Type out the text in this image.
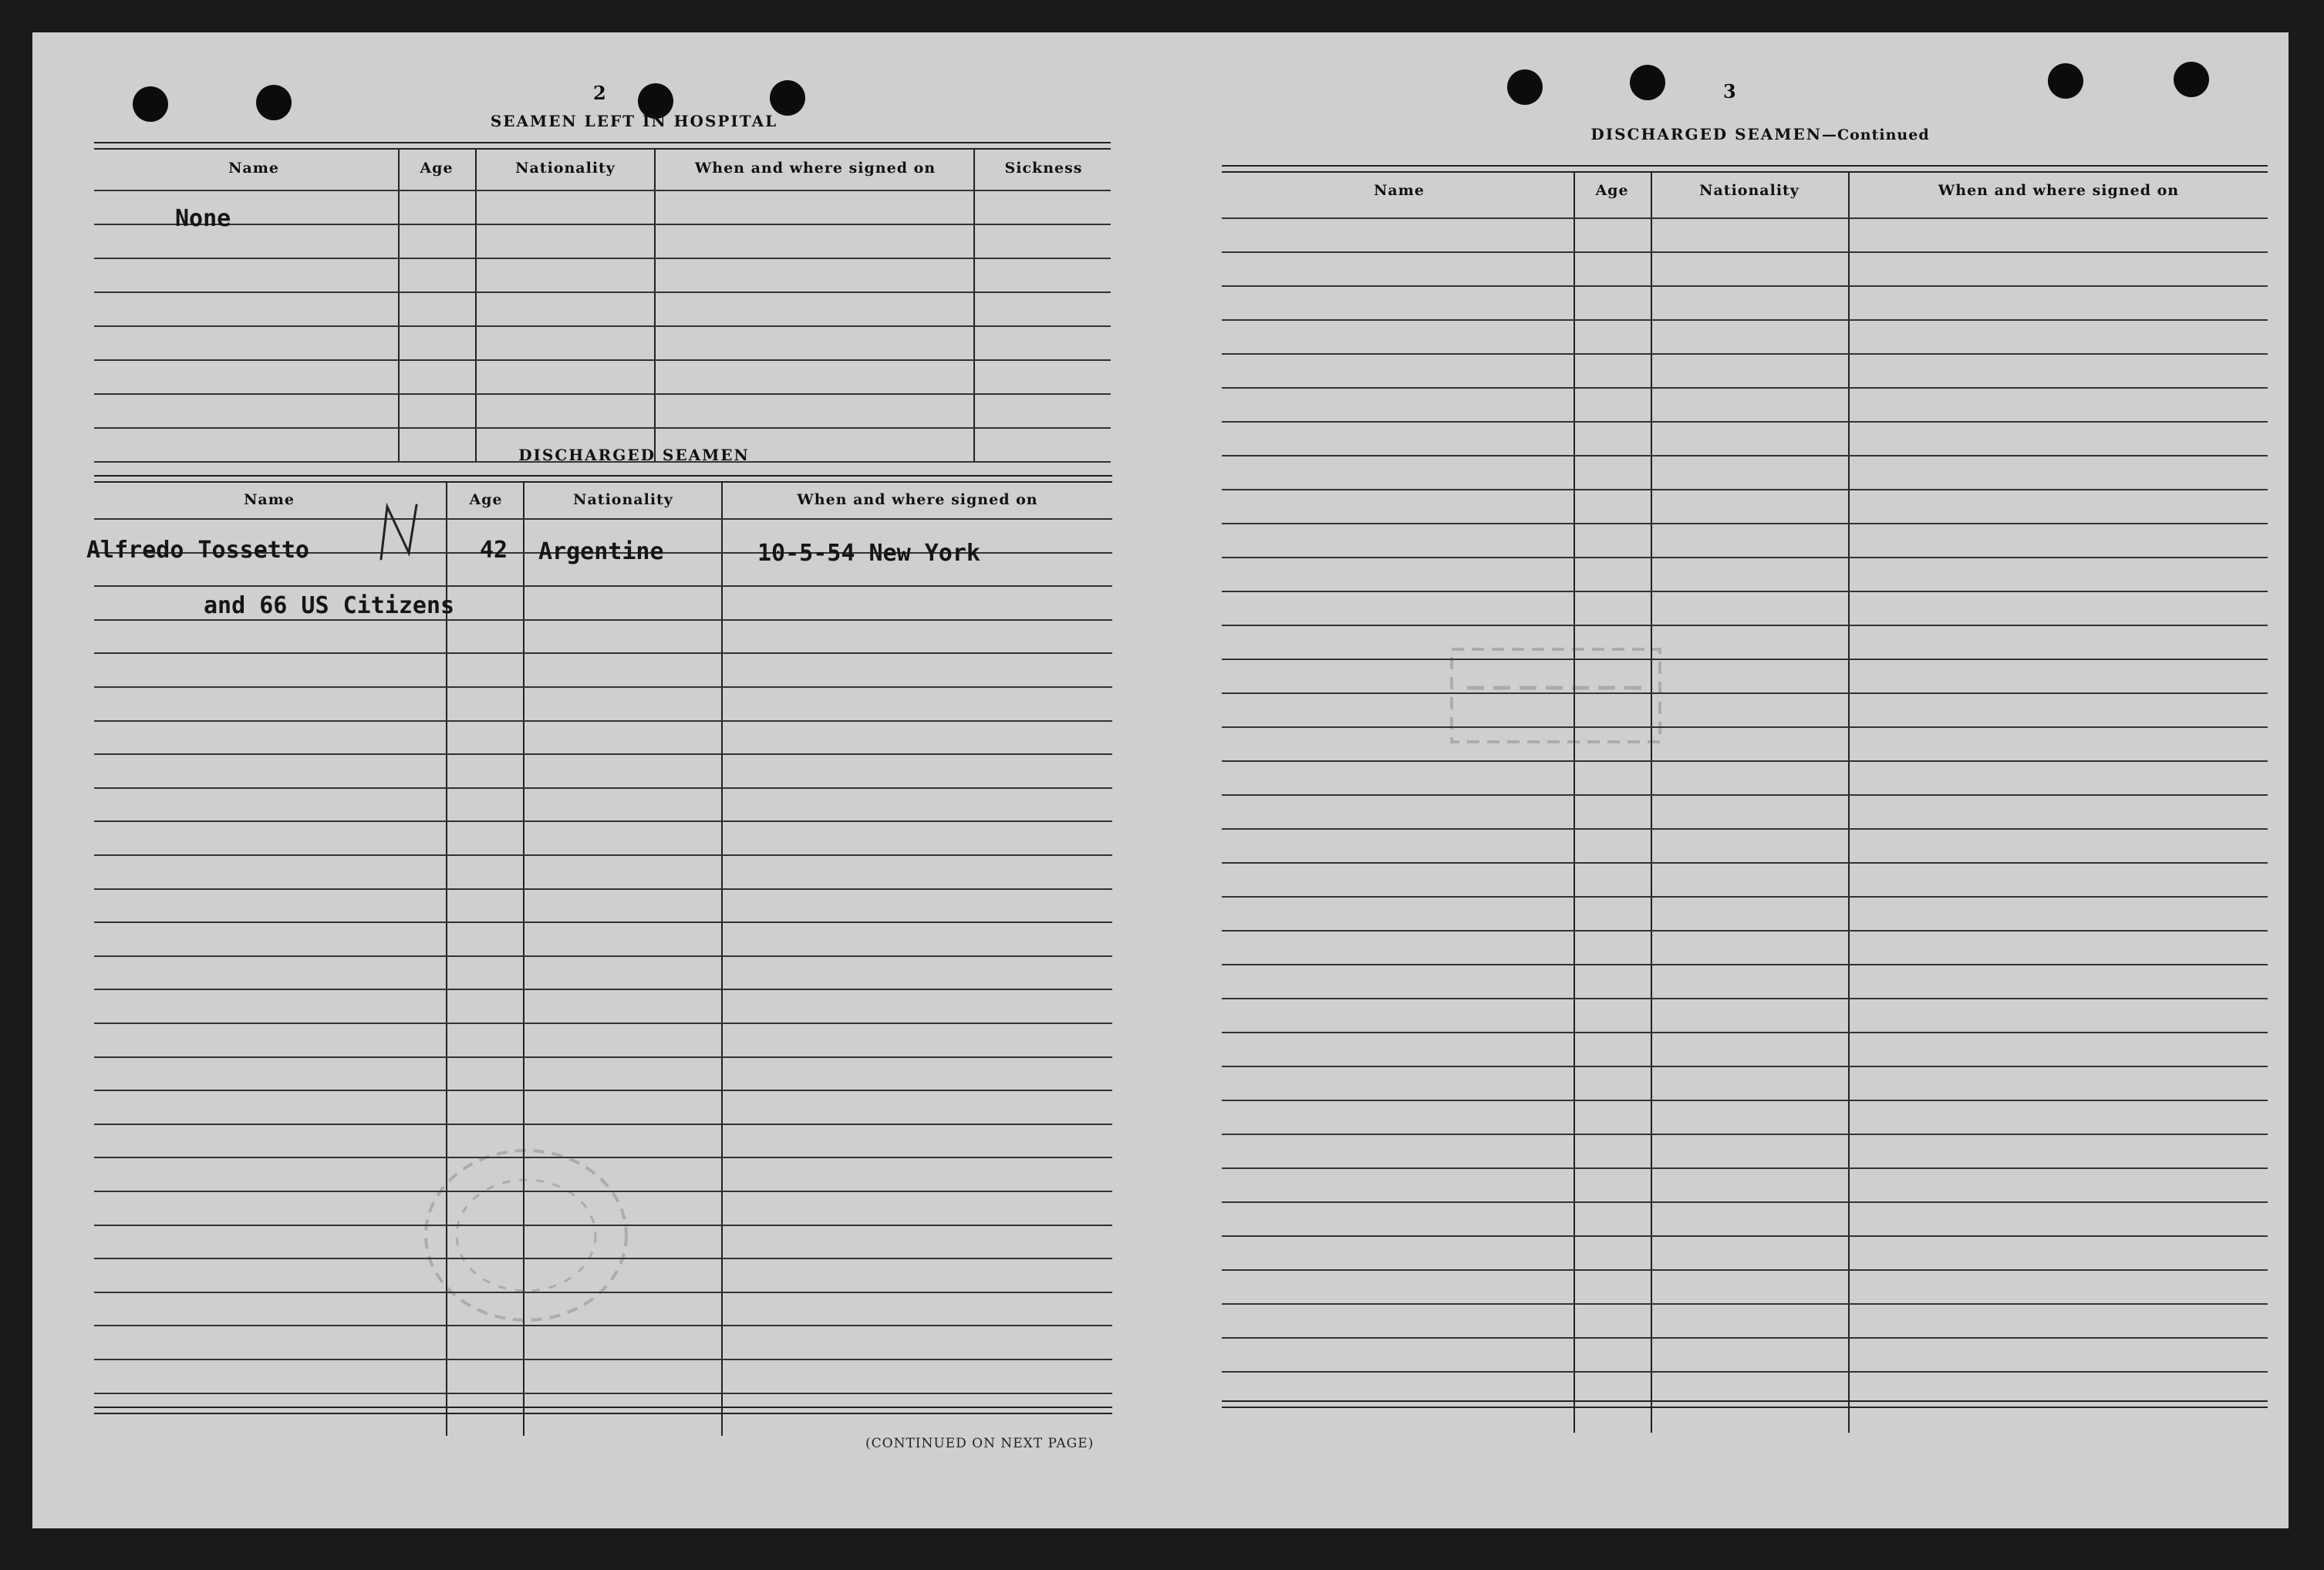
2
SEAMEN LEFT IN HOSPITAL
Name	Age	Nationality	When and where signed on	Sickness
None
DISCHARGED SEAMEN
Name	Age	Nationality	When and where signed on
Alfredo Tossetto	42 Argentine	10-5-54 New York
and 66 US Citizens
(CONTINUED ON NEXT PAGE)
3
DISCHARGED SEAMEN—Continued
Name	Age	Nationality	When and where signed on
